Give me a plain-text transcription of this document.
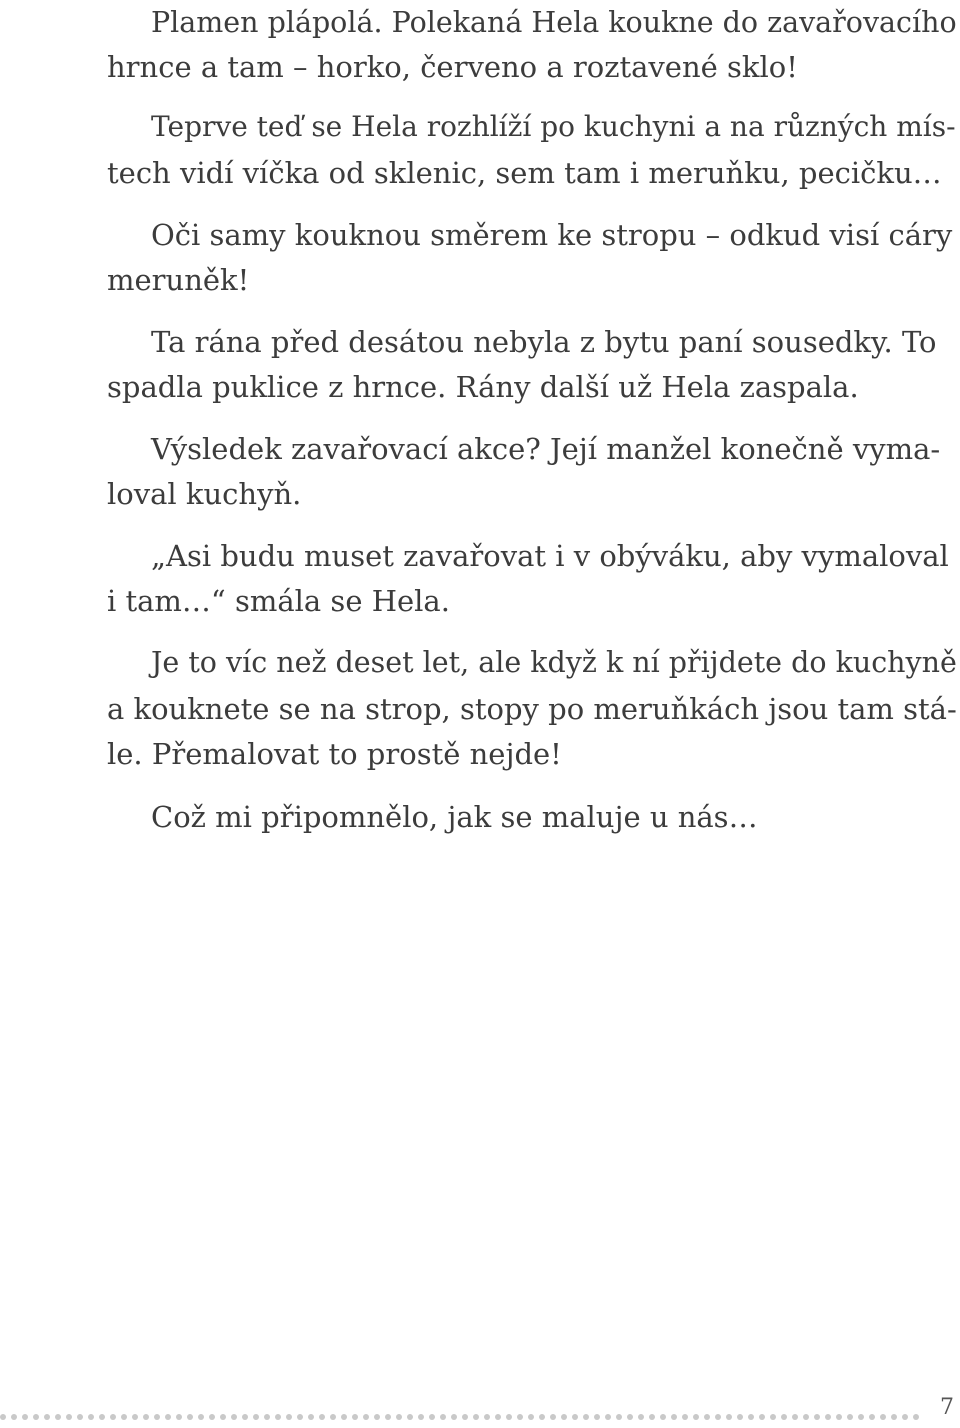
Plamen plápolá. Polekaná Hela koukne do zavařovacího
hrnce a tam – horko, červeno a roztavené sklo!
Teprve teď se Hela rozhlíží po kuchyni a na různých mís-
tech vidí víčka od sklenic, sem tam i meruňku, pecičku…
Oči samy kouknou směrem ke stropu – odkud visí cáry
meruněk!
Ta rána před desátou nebyla z bytu paní sousedky. To
spadla puklice z hrnce. Rány další už Hela zaspala.
Výsledek zavařovací akce? Její manžel konečně vyma-
loval kuchyň.
„Asi budu muset zavařovat i v obýváku, aby vymaloval
i tam…“ smála se Hela.
Je to víc než deset let, ale když k ní přijdete do kuchyně
a kouknete se na strop, stopy po meruňkách jsou tam stá-
le. Přemalovat to prostě nejde!
Což mi připomnělo, jak se maluje u nás…
7
